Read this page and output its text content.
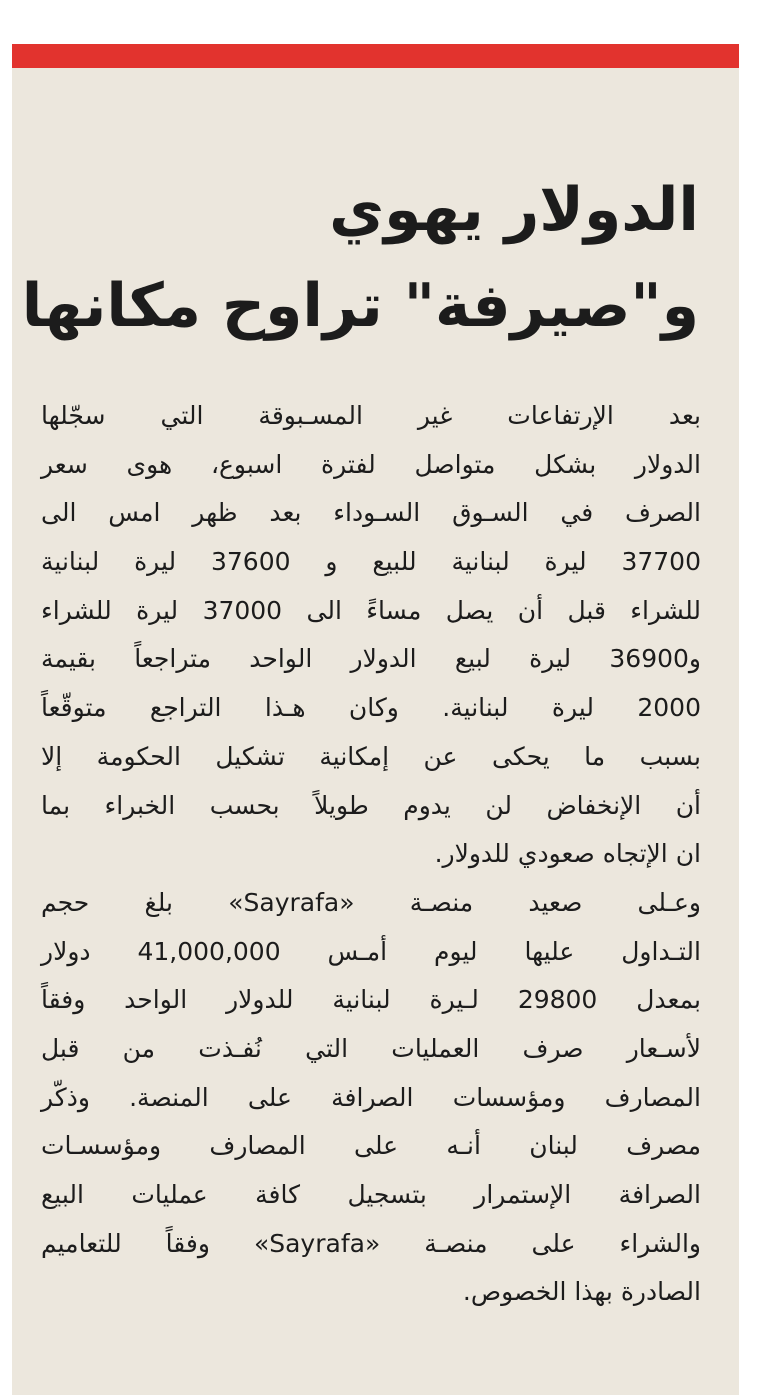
الدولار يهوي
و"صيرفة" تراوح مكانها
بعد الإرتفاعات غير المسـبوقة التي سجّلها
الدولار بشكل متواصل لفترة اسبوع، هوى سعر
الصرف في السـوق السـوداء بعد ظهر امس الى
37700 ليرة لبنانية للبيع و 37600 ليرة لبنانية
للشراء قبل أن يصل مساءً الى 37000 ليرة للشراء
و36900 ليرة لبيع الدولار الواحد متراجعاً بقيمة
2000 ليرة لبنانية. وكان هـذا التراجع متوقّعاً
بسبب ما يحكى عن إمكانية تشكيل الحكومة إلا
أن الإنخفاض لن يدوم طويلاً بحسب الخبراء بما
ان الإتجاه صعودي للدولار.
وعـلى صعيد منصـة «Sayrafa» بلغ حجم
التـداول عليها ليوم أمـس 41,000,000 دولار
بمعدل 29800 لـيرة لبنانية للدولار الواحد وفقاً
لأسـعار صرف العمليات التي نُفـذت من قبل
المصارف ومؤسسات الصرافة على المنصة. وذكّر
مصرف لبنان أنـه على المصارف ومؤسسـات
الصرافة الإستمرار بتسجيل كافة عمليات البيع
والشراء على منصـة «Sayrafa» وفقاً للتعاميم
الصادرة بهذا الخصوص.
